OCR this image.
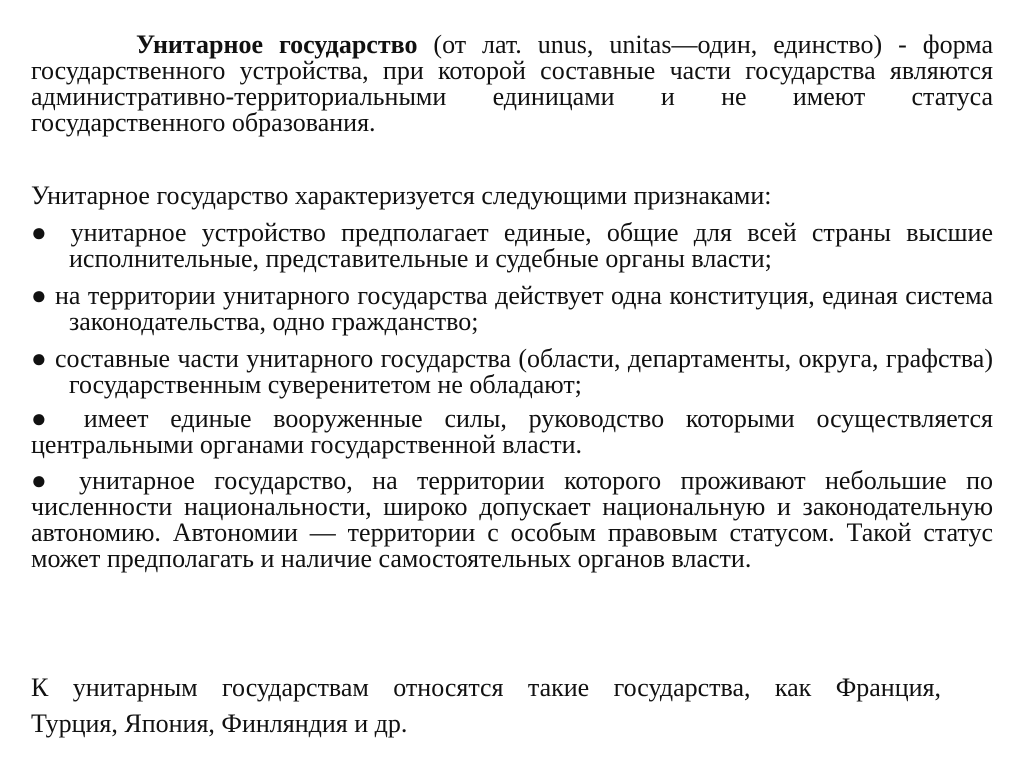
Унитарное государство (от лат. unus, unitas—один, единство) - форма государственного устройства, при которой составные части государства являются административно-территориальными единицами и не имеют статуса государственного образования.

Унитарное государство характеризуется следующими признаками:

● унитарное устройство предполагает единые, общие для всей страны высшие исполнительные, представительные и судебные органы власти;

● на территории унитарного государства действует одна конституция, единая система законодательства, одно гражданство;

● составные части унитарного государства (области, департаменты, округа, графства) государственным суверенитетом не обладают;

● имеет единые вооруженные силы, руководство которыми осуществляется центральными органами государственной власти.

● унитарное государство, на территории которого проживают небольшие по численности национальности, широко допускает национальную и законодательную автономию. Автономии — территории с особым правовым статусом. Такой статус может предполагать и наличие самостоятельных органов власти.

К унитарным государствам относятся такие государства, как Франция,
Турция, Япония, Финляндия и др.
